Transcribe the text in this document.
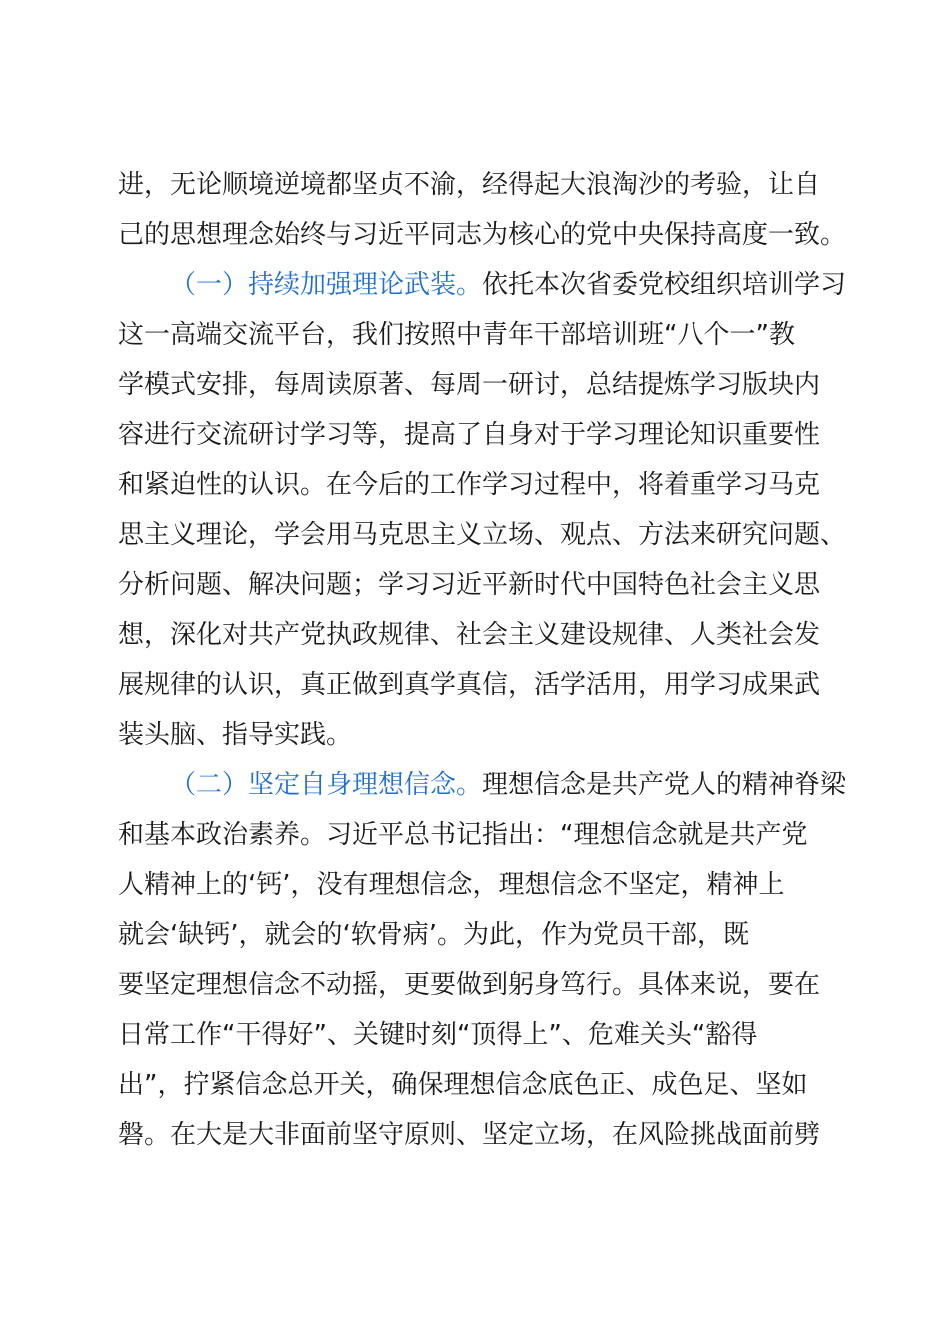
进，无论顺境逆境都坚贞不渝，经得起大浪淘沙的考验，让自
己的思想理念始终与习近平同志为核心的党中央保持高度一致。
（一）持续加强理论武装。依托本次省委党校组织培训学习
这一高端交流平台，我们按照中青年干部培训班“八个一”教
学模式安排，每周读原著、每周一研讨，总结提炼学习版块内
容进行交流研讨学习等，提高了自身对于学习理论知识重要性
和紧迫性的认识。在今后的工作学习过程中，将着重学习马克
思主义理论，学会用马克思主义立场、观点、方法来研究问题、
分析问题、解决问题；学习习近平新时代中国特色社会主义思
想，深化对共产党执政规律、社会主义建设规律、人类社会发
展规律的认识，真正做到真学真信，活学活用，用学习成果武
装头脑、指导实践。
（二）坚定自身理想信念。理想信念是共产党人的精神脊梁
和基本政治素养。习近平总书记指出：“理想信念就是共产党
人精神上的‘钙’，没有理想信念，理想信念不坚定，精神上
就会‘缺钙’，就会的‘软骨病’。为此，作为党员干部，既
要坚定理想信念不动摇，更要做到躬身笃行。具体来说，要在
日常工作“干得好”、关键时刻“顶得上”、危难关头“豁得
出”，拧紧信念总开关，确保理想信念底色正、成色足、坚如
磐。在大是大非面前坚守原则、坚定立场，在风险挑战面前劈
